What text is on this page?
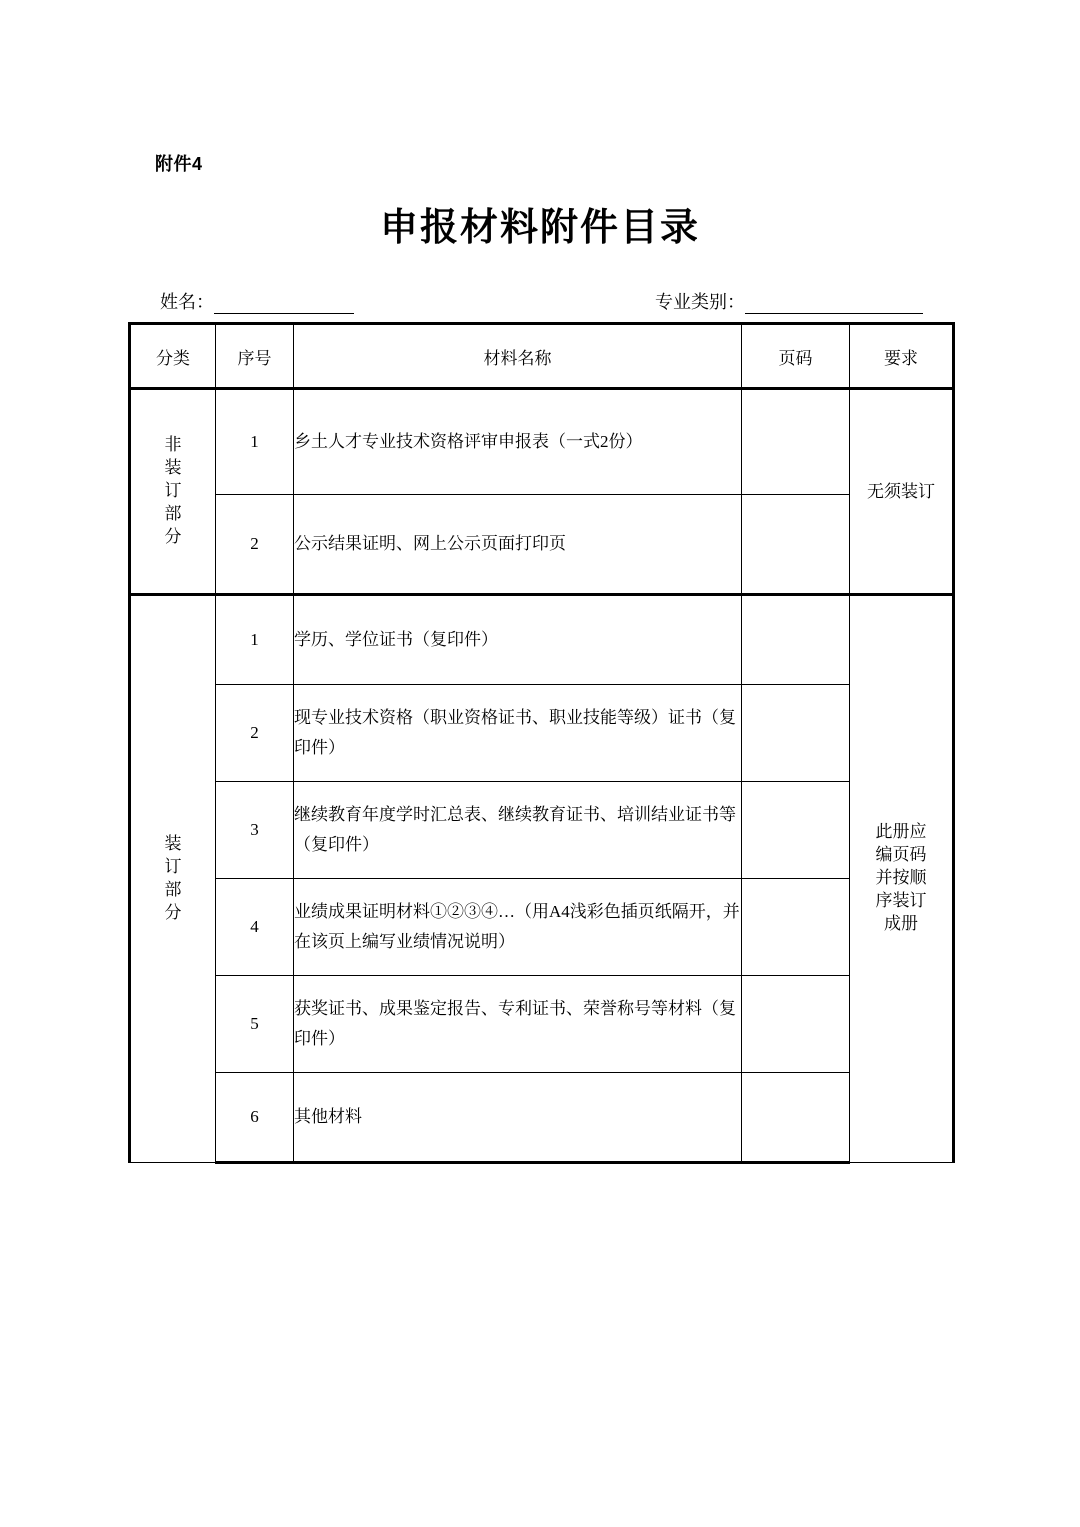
附件4
申报材料附件目录
姓名：	专业类别：
分类	序号	材料名称	页码	要求
非装订部分	1	乡土人才专业技术资格评审申报表（一式2份）		无须装订
	2	公示结果证明、网上公示页面打印页		
装订部分	1	学历、学位证书（复印件）		此册应编页码并按顺序装订成册
	2	现专业技术资格（职业资格证书、职业技能等级）证书（复印件）		
	3	继续教育年度学时汇总表、继续教育证书、培训结业证书等（复印件）		
	4	业绩成果证明材料①②③④…（用A4浅彩色插页纸隔开，并在该页上编写业绩情况说明）		
	5	获奖证书、成果鉴定报告、专利证书、荣誉称号等材料（复印件）		
	6	其他材料		
